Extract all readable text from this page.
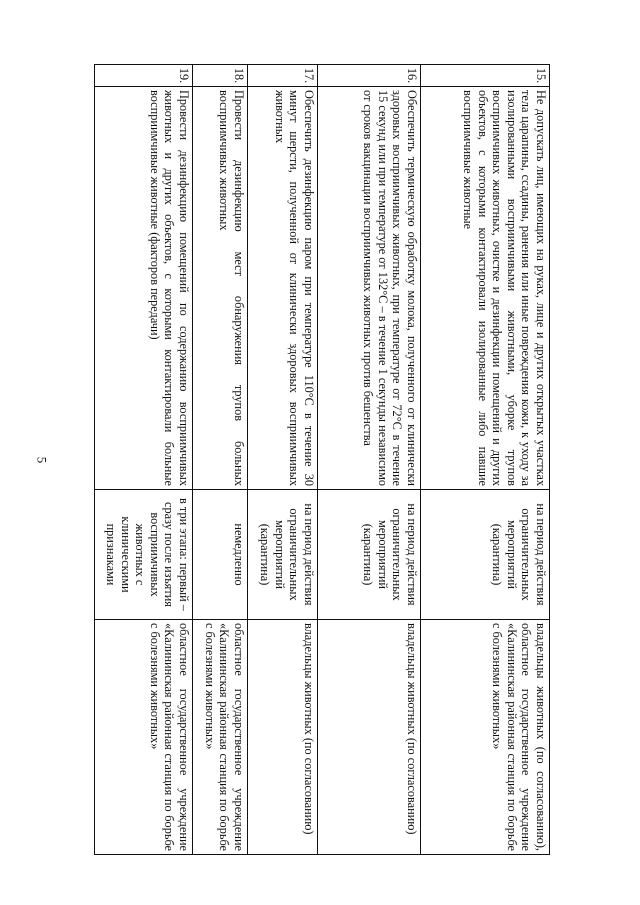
5
15.	Не допускать лиц, имеющих на руках, лице и других открытых участках тела царапины, ссадины, ранения или иные повреждения кожи, к уходу за изолированными восприимчивыми животными, уборке трупов восприимчивых животных, очистке и дезинфекции помещений и других объектов, с которыми контактировали изолированные либо павшие восприимчивые животные	на период действия ограничительных мероприятий (карантина)	владельцы животных (по согласованию), областное государственное учреждение «Калининская районная станция по борьбе с болезнями животных»
16.	Обеспечить термическую обработку молока, полученного от клинически здоровых восприимчивых животных, при температуре от 72°С в течение 15 секунд или при температуре от 132°С – в течение 1 секунды независимо от сроков вакцинации восприимчивых животных против бешенства	на период действия ограничительных мероприятий (карантина)	владельцы животных (по согласованию)
17.	Обеспечить дезинфекцию паром при температуре 110°С в течение 30 минут шерсти, полученной от клинически здоровых восприимчивых животных	на период действия ограничительных мероприятий (карантина)	владельцы животных (по согласованию)
18.	Провести дезинфекцию мест обнаружения трупов больных восприимчивых животных	немедленно	областное государственное учреждение «Калининская районная станция по борьбе с болезнями животных»
19.	Провести дезинфекцию помещений по содержанию восприимчивых животных и других объектов, с которыми контактировали больные восприимчивые животные (факторов передачи)	в три этапа: первый – сразу после изъятия восприимчивых животных с клиническими признаками	областное государственное учреждение «Калининская районная станция по борьбе с болезнями животных»
